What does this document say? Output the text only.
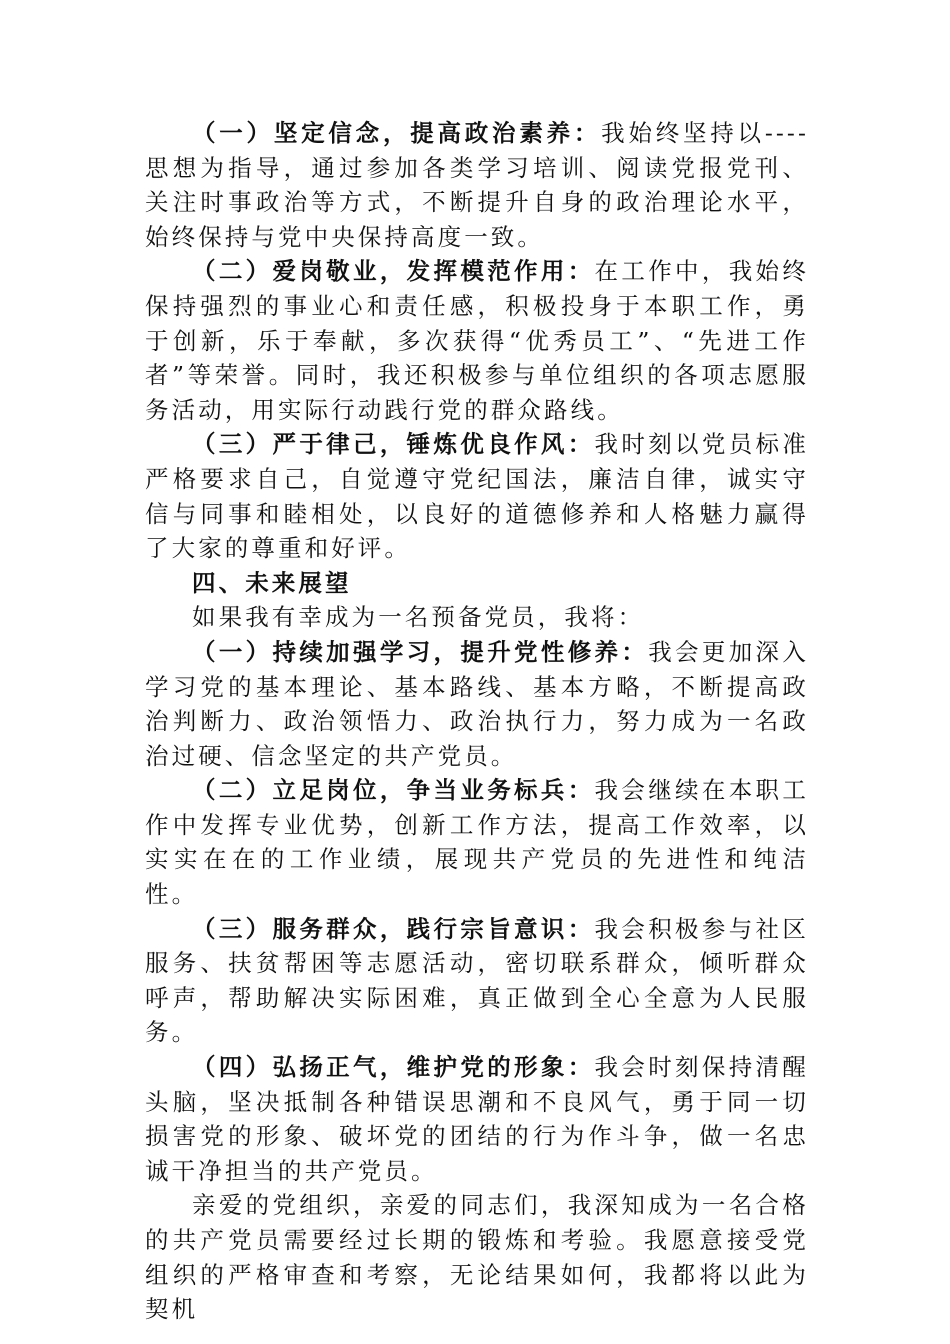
（一）坚定信念，提高政治素养：我始终坚持以----思想为指导，通过参加各类学习培训、阅读党报党刊、关注时事政治等方式，不断提升自身的政治理论水平，始终保持与党中央保持高度一致。

（二）爱岗敬业，发挥模范作用：在工作中，我始终保持强烈的事业心和责任感，积极投身于本职工作，勇于创新，乐于奉献，多次获得“优秀员工”、“先进工作者”等荣誉。同时，我还积极参与单位组织的各项志愿服务活动，用实际行动践行党的群众路线。

（三）严于律己，锤炼优良作风：我时刻以党员标准严格要求自己，自觉遵守党纪国法，廉洁自律，诚实守信与同事和睦相处，以良好的道德修养和人格魅力赢得了大家的尊重和好评。

四、未来展望

如果我有幸成为一名预备党员，我将：

（一）持续加强学习，提升党性修养：我会更加深入学习党的基本理论、基本路线、基本方略，不断提高政治判断力、政治领悟力、政治执行力，努力成为一名政治过硬、信念坚定的共产党员。

（二）立足岗位，争当业务标兵：我会继续在本职工作中发挥专业优势，创新工作方法，提高工作效率，以实实在在的工作业绩，展现共产党员的先进性和纯洁性。

（三）服务群众，践行宗旨意识：我会积极参与社区服务、扶贫帮困等志愿活动，密切联系群众，倾听群众呼声，帮助解决实际困难，真正做到全心全意为人民服务。

（四）弘扬正气，维护党的形象：我会时刻保持清醒头脑，坚决抵制各种错误思潮和不良风气，勇于同一切损害党的形象、破坏党的团结的行为作斗争，做一名忠诚干净担当的共产党员。

亲爱的党组织，亲爱的同志们，我深知成为一名合格的共产党员需要经过长期的锻炼和考验。我愿意接受党组织的严格审查和考察，无论结果如何，我都将以此为契机
